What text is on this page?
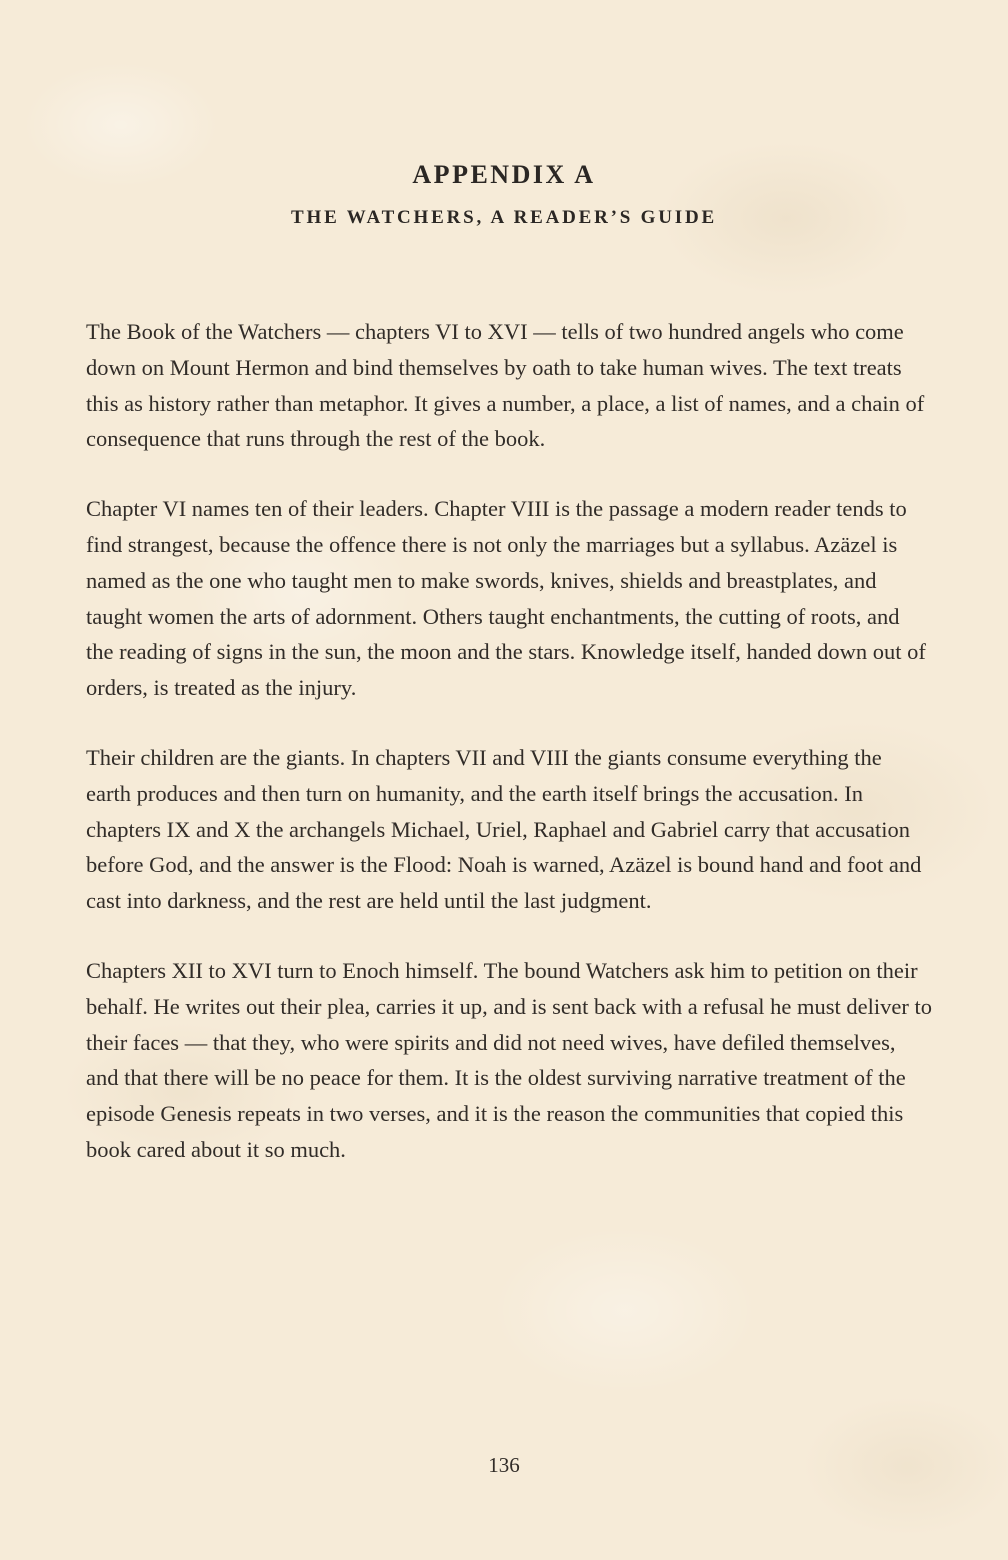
APPENDIX A
THE WATCHERS, A READER’S GUIDE

The Book of the Watchers — chapters VI to XVI — tells of two hundred angels who come down on Mount Hermon and bind themselves by oath to take human wives. The text treats this as history rather than metaphor. It gives a number, a place, a list of names, and a chain of consequence that runs through the rest of the book.

Chapter VI names ten of their leaders. Chapter VIII is the passage a modern reader tends to find strangest, because the offence there is not only the marriages but a syllabus. Azäzel is named as the one who taught men to make swords, knives, shields and breastplates, and taught women the arts of adornment. Others taught enchantments, the cutting of roots, and the reading of signs in the sun, the moon and the stars. Knowledge itself, handed down out of orders, is treated as the injury.

Their children are the giants. In chapters VII and VIII the giants consume everything the earth produces and then turn on humanity, and the earth itself brings the accusation. In chapters IX and X the archangels Michael, Uriel, Raphael and Gabriel carry that accusation before God, and the answer is the Flood: Noah is warned, Azäzel is bound hand and foot and cast into darkness, and the rest are held until the last judgment.

Chapters XII to XVI turn to Enoch himself. The bound Watchers ask him to petition on their behalf. He writes out their plea, carries it up, and is sent back with a refusal he must deliver to their faces — that they, who were spirits and did not need wives, have defiled themselves, and that there will be no peace for them. It is the oldest surviving narrative treatment of the episode Genesis repeats in two verses, and it is the reason the communities that copied this book cared about it so much.

136
